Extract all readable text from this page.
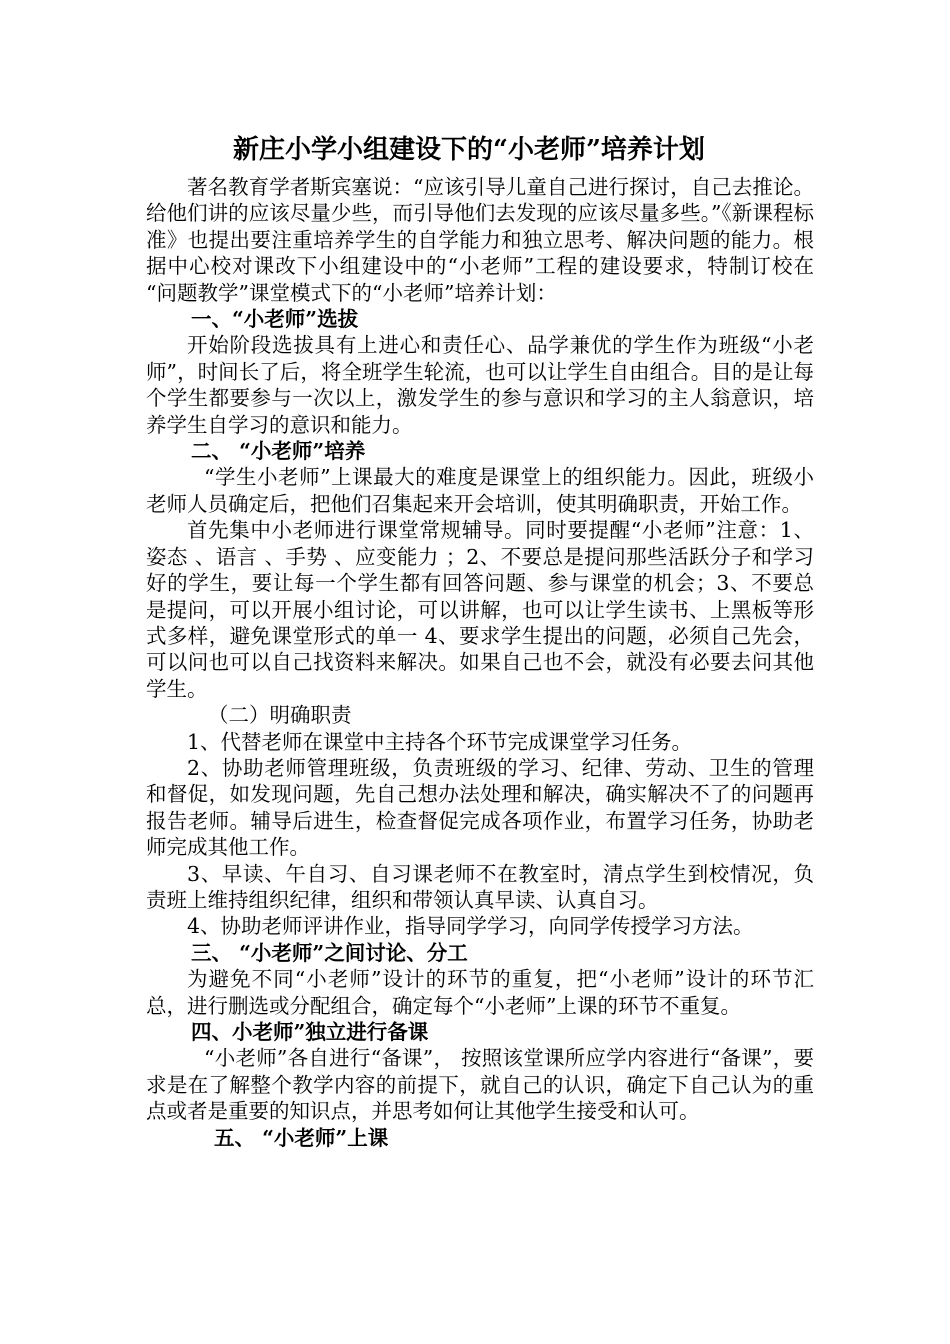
新庄小学小组建设下的“小老师”培养计划

著名教育学者斯宾塞说：“应该引导儿童自己进行探讨，自己去推论。给他们讲的应该尽量少些，而引导他们去发现的应该尽量多些。”《新课程标准》也提出要注重培养学生的自学能力和独立思考、解决问题的能力。根据中心校对课改下小组建设中的“小老师”工程的建设要求，特制订校在 “问题教学”课堂模式下的“小老师”培养计划：

一、“小老师”选拔

开始阶段选拔具有上进心和责任心、品学兼优的学生作为班级“小老师”，时间长了后，将全班学生轮流，也可以让学生自由组合。目的是让每个学生都要参与一次以上，激发学生的参与意识和学习的主人翁意识，培养学生自学习的意识和能力。

二、 “小老师”培养

“学生小老师”上课最大的难度是课堂上的组织能力。因此，班级小老师人员确定后，把他们召集起来开会培训，使其明确职责，开始工作。

首先集中小老师进行课堂常规辅导。同时要提醒“小老师”注意：1、姿态 、语言 、手势 、应变能力 ；2、不要总是提问那些活跃分子和学习好的学生，要让每一个学生都有回答问题、参与课堂的机会；3、不要总是提问，可以开展小组讨论，可以讲解，也可以让学生读书、上黑板等形式多样，避免课堂形式的单一 4、要求学生提出的问题，必须自己先会，可以问也可以自己找资料来解决。如果自己也不会，就没有必要去问其他学生。

（二）明确职责

1、代替老师在课堂中主持各个环节完成课堂学习任务。

2、协助老师管理班级，负责班级的学习、纪律、劳动、卫生的管理和督促，如发现问题，先自己想办法处理和解决，确实解决不了的问题再报告老师。辅导后进生，检查督促完成各项作业，布置学习任务，协助老师完成其他工作。

3、早读、午自习、自习课老师不在教室时，清点学生到校情况，负责班上维持组织纪律，组织和带领认真早读、认真自习。

4、协助老师评讲作业，指导同学学习，向同学传授学习方法。

三、 “小老师”之间讨论、分工

为避免不同“小老师”设计的环节的重复，把“小老师”设计的环节汇总，进行删选或分配组合，确定每个“小老师”上课的环节不重复。

四、小老师”独立进行备课

“小老师”各自进行“备课”， 按照该堂课所应学内容进行“备课”，要求是在了解整个教学内容的前提下，就自己的认识，确定下自己认为的重点或者是重要的知识点，并思考如何让其他学生接受和认可。

五、 “小老师”上课
